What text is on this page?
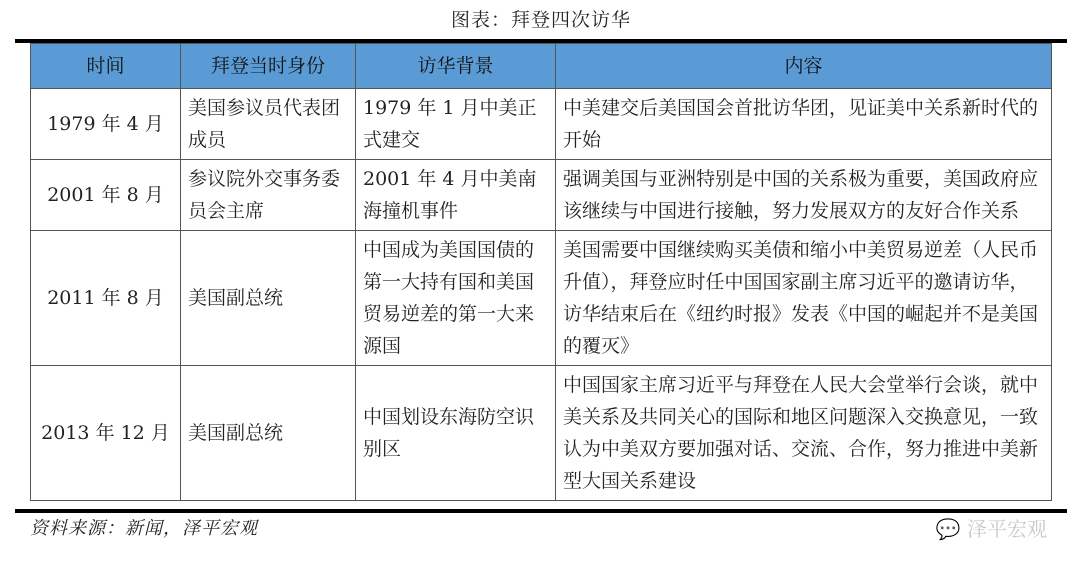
图表：拜登四次访华
时间	拜登当时身份	访华背景	内容
1979 年 4 月	美国参议员代表团成员	1979 年 1 月中美正式建交	中美建交后美国国会首批访华团，见证美中关系新时代的开始
2001 年 8 月	参议院外交事务委员会主席	2001 年 4 月中美南海撞机事件	强调美国与亚洲特别是中国的关系极为重要，美国政府应该继续与中国进行接触，努力发展双方的友好合作关系
2011 年 8 月	美国副总统	中国成为美国国债的第一大持有国和美国贸易逆差的第一大来源国	美国需要中国继续购买美债和缩小中美贸易逆差（人民币升值），拜登应时任中国国家副主席习近平的邀请访华，访华结束后在《纽约时报》发表《中国的崛起并不是美国的覆灭》
2013 年 12 月	美国副总统	中国划设东海防空识别区	中国国家主席习近平与拜登在人民大会堂举行会谈，就中美关系及共同关心的国际和地区问题深入交换意见，一致认为中美双方要加强对话、交流、合作，努力推进中美新型大国关系建设
资料来源：新闻，泽平宏观	💬 泽平宏观
